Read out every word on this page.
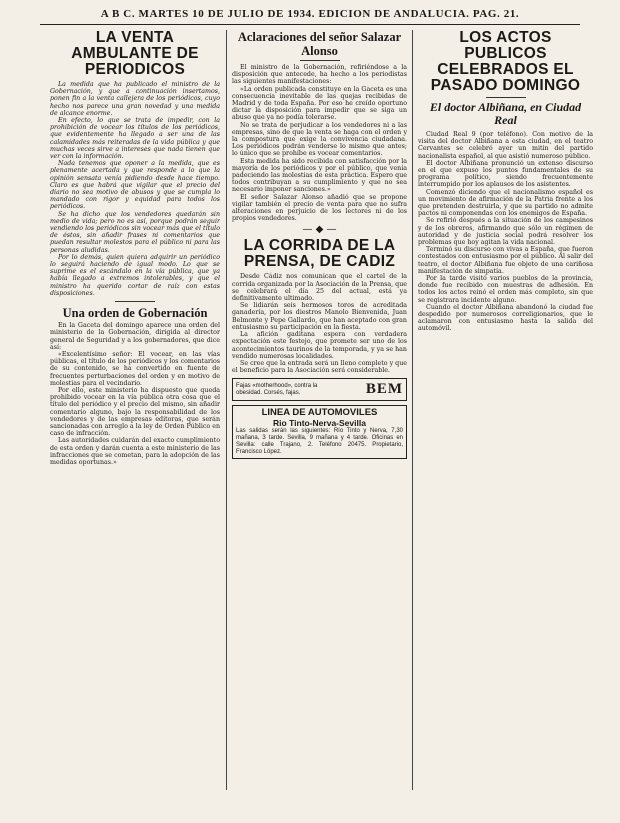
A B C. MARTES 10 DE JULIO DE 1934. EDICION DE ANDALUCIA. PAG. 21.
LA VENTA AMBULANTE DE PERIODICOS

La medida que ha publicado el ministro de la Gobernación, y que a continuación insertamos, ponen fin a la venta callejera de los periódicos, cuyo hecho nos parece una gran novedad y una medida de alcance enorme.

En efecto, lo que se trata de impedir, con la prohibición de vocear los títulos de los periódicos, que evidentemente ha llegado a ser una de las calamidades más reiteradas de la vida pública y que muchas veces sirve a intereses que nada tienen que ver con la información.

Nada tenemos que oponer a la medida, que es plenamente acertada y que responde a lo que la opinión sensata venía pidiendo desde hace tiempo. Claro es que habrá que vigilar que el precio del diario no sea motivo de abusos y que se cumpla lo mandado con rigor y equidad para todos los periódicos.

Se ha dicho que los vendedores quedarán sin medio de vida; pero no es así, porque podrán seguir vendiendo los periódicos sin vocear más que el título de éstos, sin añadir frases ni comentarios que puedan resultar molestos para el público ni para las personas aludidas.

Por lo demás, quien quiera adquirir un periódico lo seguirá haciendo de igual modo. Lo que se suprime es el escándalo en la vía pública, que ya había llegado a extremos intolerables, y que el ministro ha querido cortar de raíz con estas disposiciones.

Una orden de Gobernación

En la Gaceta del domingo aparece una orden del ministerio de la Gobernación, dirigida al director general de Seguridad y a los gobernadores, que dice así:

«Excelentísimo señor: El vocear, en las vías públicas, el título de los periódicos y los comentarios de su contenido, se ha convertido en fuente de frecuentes perturbaciones del orden y en motivo de molestias para el vecindario.

Por ello, este ministerio ha dispuesto que queda prohibido vocear en la vía pública otra cosa que el título del periódico y el precio del mismo, sin añadir comentario alguno, bajo la responsabilidad de los vendedores y de las empresas editoras, que serán sancionadas con arreglo a la ley de Orden Público en caso de infracción.

Las autoridades cuidarán del exacto cumplimiento de esta orden y darán cuenta a este ministerio de las infracciones que se cometan, para la adopción de las medidas oportunas.»

Aclaraciones del señor Salazar Alonso

El ministro de la Gobernación, refiriéndose a la disposición que antecede, ha hecho a los periodistas las siguientes manifestaciones:

«La orden publicada constituye en la Gaceta es una consecuencia inevitable de las quejas recibidas de Madrid y de toda España. Por eso he creído oportuno dictar la disposición para impedir que se siga un abuso que ya no podía tolerarse.

No se trata de perjudicar a los vendedores ni a las empresas, sino de que la venta se haga con el orden y la compostura que exige la convivencia ciudadana. Los periódicos podrán venderse lo mismo que antes; lo único que se prohíbe es vocear comentarios.

Esta medida ha sido recibida con satisfacción por la mayoría de los periódicos y por el público, que venía padeciendo las molestias de esta práctica. Espero que todos contribuyan a su cumplimiento y que no sea necesario imponer sanciones.»

El señor Salazar Alonso añadió que se propone vigilar también el precio de venta para que no sufra alteraciones en perjuicio de los lectores ni de los propios vendedores.

— ◆ —
LA CORRIDA DE LA PRENSA, DE CADIZ

Desde Cádiz nos comunican que el cartel de la corrida organizada por la Asociación de la Prensa, que se celebrará el día 25 del actual, está ya definitivamente ultimado.

Se lidiarán seis hermosos toros de acreditada ganadería, por los diestros Manolo Bienvenida, Juan Belmonte y Pepe Gallardo, que han aceptado con gran entusiasmo su participación en la fiesta.

La afición gaditana espera con verdadera expectación este festejo, que promete ser uno de los acontecimientos taurinos de la temporada, y ya se han vendido numerosas localidades.

Se cree que la entrada será un lleno completo y que el beneficio para la Asociación será considerable.

Fajas «motherhood», contra la
obesidad. Corsés, fajas.	BEM
LINEA DE AUTOMOVILES
Rio Tinto-Nerva-Sevilla
Las salidas serán las siguientes: Río Tinto y Nerva, 7,30 mañana, 3 tarde. Sevilla, 9 mañana y 4 tarde. Oficinas en Sevilla: calle Trajano, 2. Teléfono 20475. Propietario, Francisco López.
LOS ACTOS PUBLICOS CELEBRADOS EL PASADO DOMINGO
El doctor Albiñana, en Ciudad Real

Ciudad Real 9 (por teléfono). Con motivo de la visita del doctor Albiñana a esta ciudad, en el teatro Cervantes se celebró ayer un mitin del partido nacionalista español, al que asistió numeroso público.

El doctor Albiñana pronunció un extenso discurso en el que expuso los puntos fundamentales de su programa político, siendo frecuentemente interrumpido por los aplausos de los asistentes.

Comenzó diciendo que el nacionalismo español es un movimiento de afirmación de la Patria frente a los que pretenden destruirla, y que su partido no admite pactos ni componendas con los enemigos de España.

Se refirió después a la situación de los campesinos y de los obreros, afirmando que sólo un régimen de autoridad y de justicia social podrá resolver los problemas que hoy agitan la vida nacional.

Terminó su discurso con vivas a España, que fueron contestados con entusiasmo por el público. Al salir del teatro, el doctor Albiñana fue objeto de una cariñosa manifestación de simpatía.

Por la tarde visitó varios pueblos de la provincia, donde fue recibido con muestras de adhesión. En todos los actos reinó el orden más completo, sin que se registrara incidente alguno.

Cuando el doctor Albiñana abandonó la ciudad fue despedido por numerosos correligionarios, que le aclamaron con entusiasmo hasta la salida del automóvil.
